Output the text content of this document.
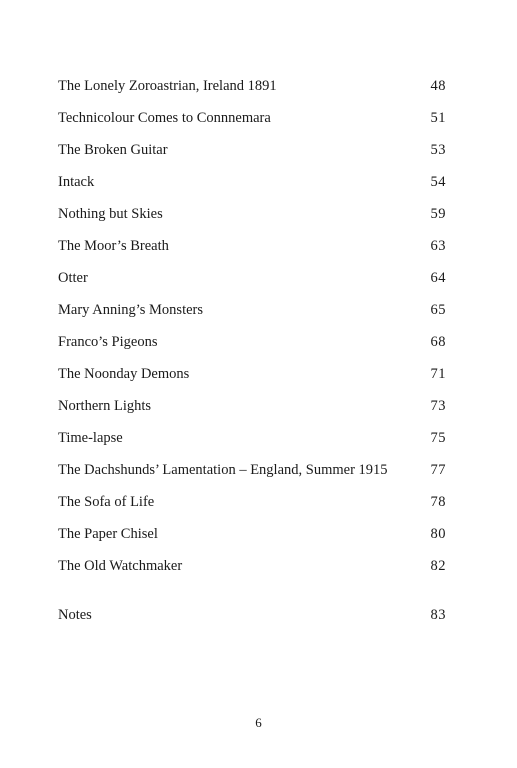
The Lonely Zoroastrian, Ireland 1891	48
Technicolour Comes to Connnemara	51
The Broken Guitar	53
Intack	54
Nothing but Skies	59
The Moor’s Breath	63
Otter	64
Mary Anning’s Monsters	65
Franco’s Pigeons	68
The Noonday Demons	71
Northern Lights	73
Time-lapse	75
The Dachshunds’ Lamentation – England, Summer 1915	77
The Sofa of Life	78
The Paper Chisel	80
The Old Watchmaker	82
Notes	83
6
